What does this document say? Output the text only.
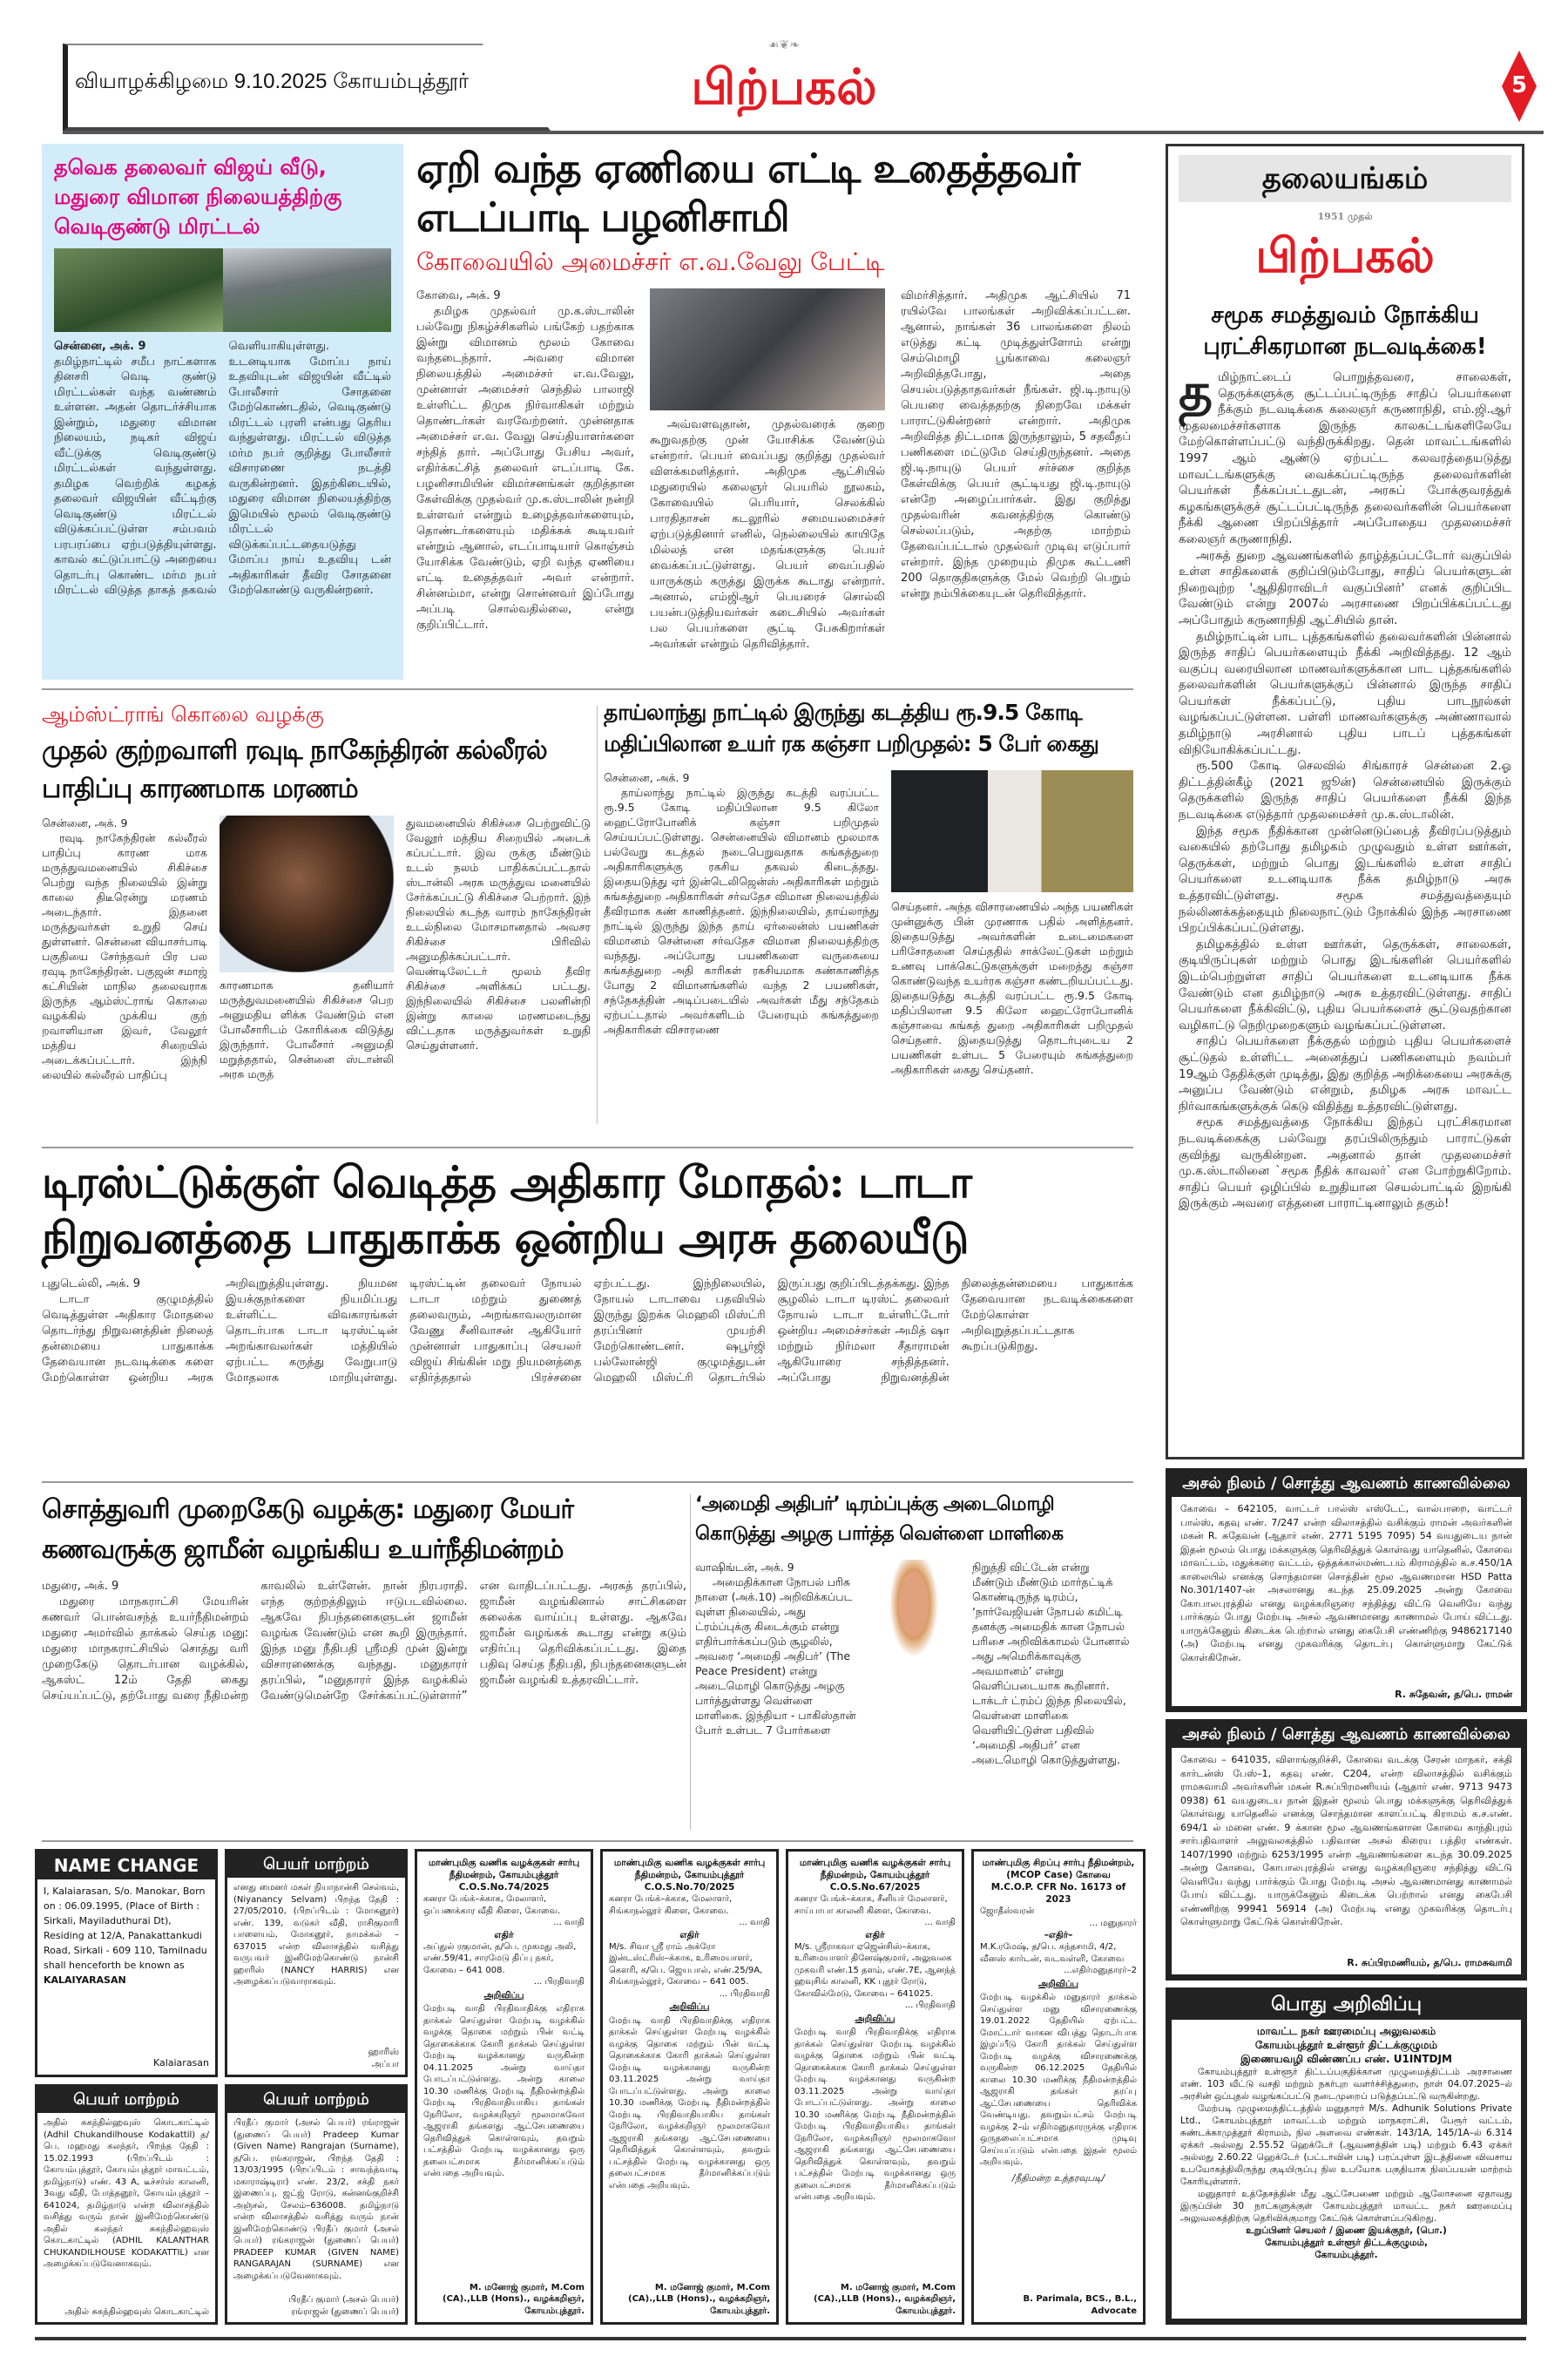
வியாழக்கிழமை 9.10.2025 கோயம்புத்தூர்
☙❦❧
பிற்பகல்	5
தவெக தலைவர் விஜய் வீடு, மதுரை விமான நிலையத்திற்கு வெடிகுண்டு மிரட்டல்
சென்னை, அக். 9
தமிழ்நாட்டில் சமீப நாட்களாக தினசரி வெடி குண்டு மிரட்டல்கள் வந்த வண்ணம் உள்ளன. அதன் தொடர்ச்சியாக இன்றும், மதுரை விமான நிலையம், நடிகர் விஜய் வீட்டுக்கு வெடிகுண்டு மிரட்டல்கள் வந்துள்ளது. தமிழக வெற்றிக் கழகத் தலைவர் விஜயின் வீட்டிற்கு வெடிகுண்டு மிரட்டல் விடுக்கப்பட்டுள்ள சம்பவம் பரபரப்பை ஏற்படுத்தியுள்ளது. காவல் கட்டுப்பாட்டு அறையை தொடர்பு கொண்ட மர்ம நபர் மிரட்டல் விடுத்த தாகத் தகவல் வெளியாகியுள்ளது. உடனடியாக மோப்ப நாய் உதவியுடன் விஜயின் வீட்டில் போலீசார் சோதனை மேற்கொண்டதில், வெடிகுண்டு மிரட்டல் புரளி என்பது தெரிய வந்துள்ளது. மிரட்டல் விடுத்த மர்ம நபர் குறித்து போலீசார் விசாரணை நடத்தி வருகின்றனர். இதற்கிடையில், மதுரை விமான நிலையத்திற்கு இமெயில் மூலம் வெடிகுண்டு மிரட்டல் விடுக்கப்பட்டதையடுத்து மோப்ப நாய் உதவியு டன் அதிகாரிகள் தீவிர சோதனை மேற்கொண்டு வருகின்றனர்.
ஏறி வந்த ஏணியை எட்டி உதைத்தவர் எடப்பாடி பழனிசாமி
கோவையில் அமைச்சர் எ.வ.வேலு பேட்டி
கோவை, அக். 9

தமிழக முதல்வர் மு.க.ஸ்டாலின் பல்வேறு நிகழ்ச்சிகளில் பங்கேற் பதற்காக இன்று விமானம் மூலம் கோவை வந்தடைந்தார். அவரை விமான நிலையத்தில் அமைச்சர் எ.வ.வேலு, முன்னாள் அமைச்சர் செந்தில் பாலாஜி உள்ளிட்ட திமுக நிர்வாகிகள் மற்றும் தொண்டர்கள் வரவேற்றனர். முன்னதாக அமைச்சர் எ.வ. வேலு செய்தியாளர்களை சந்தித் தார். அப்போது பேசிய அவர், எதிர்க்கட்சித் தலைவர் எடப்பாடி கே. பழனிசாமியின் விமர்சனங்கள் குறித்தான கேள்விக்கு முதல்வர் மு.க.ஸ்டாலின் நன்றி உள்ளவர் என்றும் உழைத்தவர்களையும், தொண்டர்களையும் மதிக்கக் கூடியவர் என்றும் ஆனால், எடப்பாடியார் கொஞ்சம் யோசிக்க வேண்டும், ஏறி வந்த ஏணியை எட்டி உதைத்தவர் அவர் என்றார். சின்னம்மா, என்று சொன்னவர் இப்போது அப்படி சொல்வதில்லை, என்று குறிப்பிட்டார்.

அவ்வளவுதான், முதல்வரைக் குறை கூறுவதற்கு முன் யோசிக்க வேண்டும் என்றார். பெயர் வைப்பது குறித்து முதல்வர் விளக்கமளித்தார். அதிமுக ஆட்சியில் மதுரையில் கலைஞர் பெயரில் நூலகம், கோவையில் பெரியார், செலக்கில் பாரதிதாசன் கடலூரில் சமையலமைச்சர் ஏற்படுத்தினார் எனில், நெல்லையில் காயிதே மில்லத் என மதங்களுக்கு பெயர் வைக்கப்பட்டுள்ளது. பெயர் வைப்பதில் யாருக்கும் கருத்து இருக்க கூடாது என்றார். அனால், எம்ஜிஆர் பெயரைச் சொல்லி பயன்படுத்தியவர்கள் கடைசியில் அவர்கள் பல பெயர்களை சூட்டி பேசுகிறார்கள் அவர்கள் என்றும் தெரிவித்தார்.

விமர்சித்தார். அதிமுக ஆட்சியில் 71 ரயில்வே பாலங்கள் அறிவிக்கப்பட்டன. ஆனால், நாங்கள் 36 பாலங்களை நிலம் எடுத்து கட்டி முடித்துள்ளோம் என்று செம்மொழி பூங்காவை கலைஞர் அறிவித்தபோது, அதை செயல்படுத்தாதவர்கள் நீங்கள். ஜி.டி.நாயுடு பெயரை வைத்ததற்கு நிறைவே மக்கள் பாராட்டுகின்றனர் என்றார். அதிமுக அறிவித்த திட்டமாக இருந்தாலும், 5 சதவீதப் பணிகளை மட்டுமே செய்திருந்தனர். அதை ஜி.டி.நாயுடு பெயர் சர்ச்சை குறித்த கேள்விக்கு பெயர் சூட்டியது ஜி.டி.நாயுடு என்றே அழைப்பார்கள். இது குறித்து முதல்வரின் கவனத்திற்கு கொண்டு செல்லப்படும், அதற்கு மாற்றம் தேவைப்பட்டால் முதல்வர் முடிவு எடுப்பார் என்றார். இந்த முறையும் திமுக கூட்டணி 200 தொகுதிகளுக்கு மேல் வெற்றி பெறும் என்று நம்பிக்கையுடன் தெரிவித்தார்.

தலையங்கம்
1951 முதல்
பிற்பகல்
சமூக சமத்துவம் நோக்கிய புரட்சிகரமான நடவடிக்கை!
த மிழ்நாட்டைப் பொறுத்தவரை, சாலைகள், தெருக்களுக்கு சூட்டப்பட்டிருந்த சாதிப் பெயர்களை நீக்கும் நடவடிக்கை கலைஞர் கருணாநிதி, எம்.ஜி.ஆர் முதலமைச்சர்களாக இருந்த காலகட்டங்களிலேயே மேற்கொள்ளப்பட்டு வந்திருக்கிறது. தென் மாவட்டங்களில் 1997 ஆம் ஆண்டு ஏற்பட்ட கலவரத்தையடுத்து மாவட்டங்களுக்கு வைக்கப்பட்டிருந்த தலைவர்களின் பெயர்கள் நீக்கப்பட்டதுடன், அரசுப் போக்குவரத்துக் கழகங்களுக்குச் சூட்டப்பட்டிருந்த தலைவர்களின் பெயர்களை நீக்கி ஆணை பிறப்பித்தார் அப்போதைய முதலமைச்சர் கலைஞர் கருணாநிதி.

அரசுத் துறை ஆவணங்களில் தாழ்த்தப்பட்டோர் வகுப்பில் உள்ள சாதிகளைக் குறிப்பிடும்போது, சாதிப் பெயர்களுடன் நிறைவுற்ற 'ஆதிதிராவிடர் வகுப்பினர்' எனக் குறிப்பிட வேண்டும் என்று 2007ல் அரசாணை பிறப்பிக்கப்பட்டது அப்போதும் கருணாநிதி ஆட்சியில் தான்.

தமிழ்நாட்டின் பாட புத்தகங்களில் தலைவர்களின் பின்னால் இருந்த சாதிப் பெயர்களையும் நீக்கி அறிவித்தது. 12 ஆம் வகுப்பு வரையிலான மாணவர்களுக்கான பாட புத்தகங்களில் தலைவர்களின் பெயர்களுக்குப் பின்னால் இருந்த சாதிப் பெயர்கள் நீக்கப்பட்டு, புதிய பாடநூல்கள் வழங்கப்பட்டுள்ளன. பள்ளி மாணவர்களுக்கு அண்ணாவால் தமிழ்நாடு அரசினால் புதிய பாடப் புத்தகங்கள் விநியோகிக்கப்பட்டது.

ரூ.500 கோடி செலவில் சிங்காரச் சென்னை 2.ஓ திட்டத்தின்கீழ் (2021 ஜூன்) சென்னையில் இருக்கும் தெருக்களில் இருந்த சாதிப் பெயர்களை நீக்கி இந்த நடவடிக்கை எடுத்தார் முதலமைச்சர் மு.க.ஸ்டாலின்.

இந்த சமூக நீதிக்கான முன்னெடுப்பைத் தீவிரப்படுத்தும் வகையில் தற்போது தமிழகம் முழுவதும் உள்ள ஊர்கள், தெருக்கள், மற்றும் பொது இடங்களில் உள்ள சாதிப் பெயர்களை உடனடியாக நீக்க தமிழ்நாடு அரசு உத்தரவிட்டுள்ளது. சமூக சமத்துவத்தையும் நல்லிணக்கத்தையும் நிலைநாட்டும் நோக்கில் இந்த அரசாணை பிறப்பிக்கப்பட்டுள்ளது.

தமிழகத்தில் உள்ள ஊர்கள், தெருக்கள், சாலைகள், குடியிருப்புகள் மற்றும் பொது இடங்களின் பெயர்களில் இடம்பெற்றுள்ள சாதிப் பெயர்களை உடனடியாக நீக்க வேண்டும் என தமிழ்நாடு அரசு உத்தரவிட்டுள்ளது. சாதிப் பெயர்களை நீக்கிவிட்டு, புதிய பெயர்களைச் சூட்டுவதற்கான வழிகாட்டு நெறிமுறைகளும் வழங்கப்பட்டுள்ளன.

சாதிப் பெயர்களை நீக்குதல் மற்றும் புதிய பெயர்களைச் சூட்டுதல் உள்ளிட்ட அனைத்துப் பணிகளையும் நவம்பர் 19ஆம் தேதிக்குள் முடித்து, இது குறித்த அறிக்கையை அரசுக்கு அனுப்ப வேண்டும் என்றும், தமிழக அரசு மாவட்ட நிர்வாகங்களுக்குக் கெடு விதித்து உத்தரவிட்டுள்ளது.

சமூக சமத்துவத்தை நோக்கிய இந்தப் புரட்சிகரமான நடவடிக்கைக்கு பல்வேறு தரப்பிலிருந்தும் பாராட்டுகள் குவிந்து வருகின்றன. அதனால் தான் முதலமைச்சர் மு.க.ஸ்டாலினை `சமூக நீதிக் காவலர்` என போற்றுகிறோம். சாதிப் பெயர் ஒழிப்பில் உறுதியான செயல்பாட்டில் இறங்கி இருக்கும் அவரை எத்தனை பாராட்டினாலும் தகும்!

ஆம்ஸ்ட்ராங் கொலை வழக்கு
முதல் குற்றவாளி ரவுடி நாகேந்திரன் கல்லீரல் பாதிப்பு காரணமாக மரணம்
சென்னை, அக். 9

ரவுடி நாகேந்திரன் கல்லீரல் பாதிப்பு காரண மாக மருத்துவமனையில் சிகிச்சை பெற்று வந்த நிலையில் இன்று காலை திடீரென்று மரணம் அடைந்தார். இதனை மருத்துவர்கள் உறுதி செய் துள்ளனர். சென்னை வியாசர்பாடி பகுதியை சேர்ந்தவர் பிர பல ரவுடி நாகேந்திரன். பகுஜன் சமாஜ் கட்சியின் மாநில தலைவராக இருந்த ஆம்ஸ்ட்ராங் கொலை வழக்கில் முக்கிய குற் றவாளியான இவர், வேலூர் மத்திய சிறையில் அடைக்கப்பட்டார். இந்நி லையில் கல்லீரல் பாதிப்பு

காரணமாக தனியார் மருத்துவமனையில் சிகிச்சை பெற அனுமதிய ளிக்க வேண்டும் என போலீசாரிடம் கோரிக்கை விடுத்து இருந்தார். போலீசார் அனுமதி மறுத்ததால், சென்னை ஸ்டான்லி அரசு மருத்

துவமனையில் சிகிச்சை பெற்றுவிட்டு வேலூர் மத்திய சிறையில் அடைக் கப்பட்டார். இவ ருக்கு மீண்டும் உடல் நலம் பாதிக்கப்பட்டதால் ஸ்டான்லி அரசு மருத்துவ மனையில் சேர்க்கப்பட்டு சிகிச்சை பெற்றார். இந் நிலையில் கடந்த வாரம் நாகேந்திரன் உடல்நிலை மோசமானதால் அவசர சிகிச்சை பிரிவில் அனுமதிக்கப்பட்டார். வெண்டிலேட்டர் மூலம் தீவிர சிகிச்சை அளிக்கப் பட்டது. இந்நிலையில் சிகிச்சை பலனின்றி இன்று காலை மரணமடைந்து விட்டதாக மருத்துவர்கள் உறுதி செய்துள்ளனர்.

தாய்லாந்து நாட்டில் இருந்து கடத்திய ரூ.9.5 கோடி மதிப்பிலான உயர் ரக கஞ்சா பறிமுதல்: 5 பேர் கைது
சென்னை, அக். 9

தாய்லாந்து நாட்டில் இருந்து கடத்தி வரப்பட்ட ரூ.9.5 கோடி மதிப்பிலான 9.5 கிலோ ஹைட்ரோபோனிக் கஞ்சா பறிமுதல் செய்யப்பட்டுள்ளது. சென்னையில் விமானம் மூலமாக பல்வேறு கடத்தல் நடைபெறுவதாக சுங்கத்துறை அதிகாரிகளுக்கு ரகசிய தகவல் கிடைத்தது. இதையடுத்து ஏர் இன்டெலிஜென்ஸ் அதிகாரிகள் மற்றும் சுங்கத்துறை அதிகாரிகள் சர்வதேச விமான நிலையத்தில் தீவிரமாக கண் காணித்தனர். இந்நிலையில், தாய்லாந்து நாட்டில் இருந்து இந்த தாய் ஏர்லைன்ஸ் பயணிகள் விமானம் சென்னை சர்வதேச விமான நிலையத்திற்கு வந்தது. அப்போது பயணிகளை வருகையை சுங்கத்துறை அதி காரிகள் ரகசியமாக கண்காணித்த போது 2 விமானங்களில் வந்த 2 பயணிகள், சந்தேகத்தின் அடிப்படையில் அவர்கள் மீது சந்தேகம் ஏற்பட்டதால் அவர்களிடம் பேரையும் சுங்கத்துறை அதிகாரிகள் விசாரணை

செய்தனர். அந்த விசாரணையில் அந்த பயணிகள் முன்னுக்கு பின் முரணாக பதில் அளித்தனர். இதையடுத்து அவர்களின் உடைமைகளை பரிசோதனை செய்ததில் சாக்லேட்டுகள் மற்றும் உணவு பாக்கெட்டுகளுக்குள் மறைத்து கஞ்சா கொண்டுவந்த உயர்ரக கஞ்சா கண்டறியப்பட்டது. இதையடுத்து கடத்தி வரப்பட்ட ரூ.9.5 கோடி மதிப்பிலான 9.5 கிலோ ஹைட்ரோபோனிக் கஞ்சாவை சுங்கத் துறை அதிகாரிகள் பறிமுதல் செய்தனர். இதையடுத்து தொடர்புடைய 2 பயணிகள் உள்பட 5 பேரையும் சுங்கத்துறை அதிகாரிகள் கைது செய்தனர்.

டிரஸ்ட்டுக்குள் வெடித்த அதிகார மோதல்: டாடா நிறுவனத்தை பாதுகாக்க ஒன்றிய அரசு தலையீடு
புதுடெல்லி, அக். 9

டாடா குழுமத்தில் வெடித்துள்ள அதிகார மோதலை தொடர்ந்து நிறுவனத்தின் நிலைத் தன்மையை பாதுகாக்க தேவையான நடவடிக்கை களை மேற்கொள்ள ஒன்றிய அரசு அறிவுறுத்தியுள்ளது. நியமன இயக்குநர்களை நியமிப்பது உள்ளிட்ட விவகாரங்கள் தொடர்பாக டாடா டிரஸ்ட்டின் அறங்காவலர்கள் மத்தியில் ஏற்பட்ட கருத்து வேறுபாடு மோதலாக மாறியுள்ளது. டிரஸ்ட்டின் தலைவர் நோயல் டாடா மற்றும் துணைத் தலைவரும், அறங்காவலருமான வேணு சீனிவாசன் ஆகியோர் முன்னாள் பாதுகாப்பு செயலர் விஜய் சிங்கின் மறு நியமனத்தை எதிர்த்ததால் பிரச்சனை ஏற்பட்டது. இந்நிலையில், நோயல் டாடாவை பதவியில் இருந்து இறக்க மெஹலி மிஸ்ட்ரி தரப்பினர் முயற்சி மேற்கொண்டனர். ஷபூர்ஜி பல்லோன்ஜி குழுமத்துடன் மெஹலி மிஸ்ட்ரி தொடர்பில் இருப்பது குறிப்பிடத்தக்கது. இந்த சூழலில் டாடா டிரஸ்ட் தலைவர் நோயல் டாடா உள்ளிட்டோர் ஒன்றிய அமைச்சர்கள் அமித் ஷா மற்றும் நிர்மலா சீதாராமன் ஆகியோரை சந்தித்தனர். அப்போது நிறுவனத்தின் நிலைத்தன்மையை பாதுகாக்க தேவையான நடவடிக்கைகளை மேற்கொள்ள அறிவுறுத்தப்பட்டதாக கூறப்படுகிறது.

சொத்துவரி முறைகேடு வழக்கு: மதுரை மேயர் கணவருக்கு ஜாமீன் வழங்கிய உயர்நீதிமன்றம்
மதுரை, அக். 9

மதுரை மாநகராட்சி மேயரின் கணவர் பொன்வசந்த் உயர்நீதிமன்றம் மதுரை அமர்வில் தாக்கல் செய்த மனு: மதுரை மாநகராட்சியில் சொத்து வரி முறைகேடு தொடர்பான வழக்கில், ஆகஸ்ட் 12ம் தேதி கைது செய்யப்பட்டு, தற்போது வரை நீதிமன்ற காவலில் உள்ளேன். நான் நிரபராதி. எந்த குற்றத்திலும் ஈடுபடவில்லை. ஆகவே நிபந்தனைகளுடன் ஜாமீன் வழங்க வேண்டும் என கூறி இருந்தார். இந்த மனு நீதிபதி ஸ்ரீமதி முன் இன்று விசாரணைக்கு வந்தது. மனுதாரர் தரப்பில், “மனுதாரர் இந்த வழக்கில் வேண்டுமென்றே சேர்க்கப்பட்டுள்ளார்” என வாதிடப்பட்டது. அரசுத் தரப்பில், ஜாமீன் வழங்கினால் சாட்சிகளை கலைக்க வாய்ப்பு உள்ளது. ஆகவே ஜாமீன் வழங்கக் கூடாது என்று கடும் எதிர்ப்பு தெரிவிக்கப்பட்டது. இதை பதிவு செய்த நீதிபதி, நிபந்தனைகளுடன் ஜாமீன் வழங்கி உத்தரவிட்டார்.

‘அமைதி அதிபர்’ டிரம்ப்புக்கு அடைமொழி கொடுத்து அழகு பார்த்த வெள்ளை மாளிகை
வாஷிங்டன், அக். 9

அமைதிக்கான நோபல் பரிசு நாளை (அக்.10) அறிவிக்கப்பட வுள்ள நிலையில், அது ட்ரம்ப்புக்கு கிடைக்கும் என்று எதிர்பார்க்கப்படும் சூழலில், அவரை ‘அமைதி அதிபர்’ (The Peace President) என்று அடைமொழி கொடுத்து அழகு பார்த்துள்ளது வெள்ளை மாளிகை. இந்தியா - பாகிஸ்தான் போர் உள்பட 7 போர்களை

நிறுத்தி விட்டேன் என்று மீண்டும் மீண்டும் மார்தட்டிக் கொண்டிருந்த டிரம்ப், ‘நார்வேஜியன் நோபல் கமிட்டி தனக்கு அமைதிக் கான நோபல் பரிசை அறிவிக்காமல் போனால் அது அமெரிக்காவுக்கு அவமானம்’ என்று வெளிப்படையாக கூறினார். டாக்டர் ட்ரம்ப் இந்த நிலையில், வெள்ளை மாளிகை வெளியிட்டுள்ள பதிவில் ‘அமைதி அதிபர்’ என அடைமொழி கொடுத்துள்ளது.

NAME CHANGE
I, Kalaiarasan, S/o. Manokar, Born on : 06.09.1995, (Place of Birth : Sirkali, Mayiladuthurai Dt), Residing at 12/A, Panakattankudi Road, Sirkali - 609 110, Tamilnadu shall henceforth be known as
KALAIYARASAN
Kalaiarasan
பெயர் மாற்றம்
அதில் சுகந்தில்ஹவுஸ் கொடகாட்டில் (Adhil Chukandilhouse Kodakattil) த/பெ. மஹமது கலந்தர், பிறந்த தேதி : 15.02.1993 (பிறப்பிடம் : கோயம்புத்தூர், கோயம்புத்தூர் மாவட்டம், தமிழ்நாடு) எண். 43 A, டீச்சர்ஸ் காலனி, 3வது வீதி, போத்தனூர், கோயம்புத்தூர் –641024, தமிழ்நாடு என்ற விலாசத்தில் வசித்து வரும் நான் இனிமேற்கொண்டு அதில் கலந்தர் சுகந்தில்ஹவுஸ் கொடகாட்டில் (ADHIL KALANTHAR CHUKANDILHOUSE KODAKATTIL) என அழைக்கப்படுவேனாகவும்.
அதில் சுகந்தில்ஹவுஸ் கொடகாட்டில்
பெயர் மாற்றம்
எனது மைனர் மகள் நியாநான்சி செல்வம், (Niyanancy Selvam) பிறந்த தேதி : 27/05/2010, (பிறப்பிடம் : மோகனூர்) எண். 139, வடுகர் வீதி, ராசிகுமாரி பாளையம், மோகனூர், நாமக்கல் – 637015 என்ற விலாசத்தில் வசித்து வருபவர் இனிமேற்கொண்டு நான்சி ஹாரிஸ் (NANCY HARRIS) என அழைக்கப்படுவாராகவும்.
ஹாரிஸ்
அப்பா
பெயர் மாற்றம்
பிரதீப் குமார் (அசல் பெயர்) ரங்ராஜன் (துணைப் பெயர்) Pradeep Kumar (Given Name) Rangrajan (Surname), த/பெ. ரங்கராஜன், பிறந்த தேதி : 13/03/1995 (பிறப்பிடம் : சாவந்த்வாடி மகாராஷ்டிரா) எண். 23/2, சக்தி நகர் இணைப்பு, ஜட்ஜ் ரோடு, கன்னங்குறிச்சி அஞ்சல், சேலம்–636008. தமிழ்நாடு என்ற விலாசத்தில் வசித்து வரும் நான் இனிமேற்கொண்டு பிரதீப் குமார் (அசல் பெயர்) ரங்கராஜன் (துணைப் பெயர்) PRADEEP KUMAR (GIVEN NAME) RANGARAJAN (SURNAME) என அழைக்கப்படுவேனாகவும்.
பிரதீப் குமார் (அசல் பெயர்)
ரங்ராஜன் (துணைப் பெயர்)
மாண்புமிகு வணிக வழக்குகள் சார்பு நீதிமன்றம், கோயம்புத்தூர்
C.O.S.No.74/2025
கனரா பேங்க்–க்காக, மேலாளர், ஒப்பணக்கார வீதி கிளை, கோவை.
... வாதி
எதிர்
அப்துல் ரகுமான், த/பெ. முகமது அலி, எண்.59/41, சாரமேடு திப்பு நகர், கோவை – 641 008.
... பிரதிவாதி
அறிவிப்பு
மேற்படி வாதி பிரதிவாதிக்கு எதிராக தாக்கல் செய்துள்ள மேற்படி வழக்கில் வழக்கு தொகை மற்றும் பின் வட்டி தொகைக்காக கோரி தாக்கல் செய்துள்ள மேற்படி வழக்கானது வருகின்ற 04.11.2025 அன்று வாய்தா போடப்பட்டுள்ளது. அன்று காலை 10.30 மணிக்கு மேற்படி நீதிமன்றத்தில் மேற்படி பிரதிவாதியாகிய தாங்கள் நேரிலோ, வழக்கறிஞர் மூலமாகவோ ஆஜராகி தங்களது ஆட்சேபணையை தெரிவித்துக் கொள்ளவும், தவறும் பட்சத்தில் மேற்படி வழக்கானது ஒரு தலைபட்சமாக தீர்மானிக்கப்படும் என்பதை அறியவும்.
M. மனோஜ் குமார், M.Com (CA).,LLB (Hons)., வழக்கறிஞர், கோயம்புத்தூர்.
மாண்புமிகு வணிக வழக்குகள் சார்பு நீதிமன்றம், கோயம்புத்தூர்
C.O.S.No.70/2025
கனரா பேங்க்–க்காக, மேலாளர், சிங்காநல்லூர் கிளை, கோவை.
... வாதி
எதிர்
M/s. சிவா ஸ்ரீ ராம் அக்ரோ இன்டஸ்ட்ரிஸ்–க்காக, உரிமையாளர், கௌரி, க/பெ. ஜெயபால், எண்.25/9A, சிங்காநல்லூர், கோவை – 641 005.
... பிரதிவாதி
அறிவிப்பு
மேற்படி வாதி பிரதிவாதிக்கு எதிராக தாக்கல் செய்துள்ள மேற்படி வழக்கில் வழக்கு தொகை மற்றும் பின் வட்டி தொகைக்காக கோரி தாக்கல் செய்துள்ள மேற்படி வழக்கானது வருகின்ற 03.11.2025 அன்று வாய்தா போடப்பட்டுள்ளது. அன்று காலை 10.30 மணிக்கு மேற்படி நீதிமன்றத்தில் மேற்படி பிரதிவாதியாகிய தாங்கள் நேரிலோ, வழக்கறிஞர் மூலமாகவோ ஆஜராகி தங்களது ஆட்சேபணையை தெரிவித்துக் கொள்ளவும், தவறும் பட்சத்தில் மேற்படி வழக்கானது ஒரு தலைபட்சமாக தீர்மானிக்கப்படும் என்பதை அறியவும்.
M. மனோஜ் குமார், M.Com (CA).,LLB (Hons)., வழக்கறிஞர், கோயம்புத்தூர்.
மாண்புமிகு வணிக வழக்குகள் சார்பு நீதிமன்றம், கோயம்புத்தூர்
C.O.S.No.67/2025
கனரா பேங்க்–க்காக, சீனியர் மேலாளர், சாய்பாபா காலனி கிளை, கோவை.
... வாதி
எதிர்
M/s. ஸ்ரீராகவா ஏஜென்சிஸ்–க்காக, உரிமையாளர் தினேஷ்குமார், அலுவலக முகவரி எண்.15 தளம், எண்.7E, ஆனந்த் ஹவுசிங் காலனி, KK புதூர் ரோடு, கோவில்மேடு, கோவை – 641025.
... பிரதிவாதி
அறிவிப்பு
மேற்படி வாதி பிரதிவாதிக்கு எதிராக தாக்கல் செய்துள்ள மேற்படி வழக்கில் வழக்கு தொகை மற்றும் பின் வட்டி தொகைக்காக கோரி தாக்கல் செய்துள்ள மேற்படி வழக்கானது வருகின்ற 03.11.2025 அன்று வாய்தா போடப்பட்டுள்ளது. அன்று காலை 10.30 மணிக்கு மேற்படி நீதிமன்றத்தில் மேற்படி பிரதிவாதியாகிய தாங்கள் நேரிலோ, வழக்கறிஞர் மூலமாகவோ ஆஜராகி தங்களது ஆட்சேபணையை தெரிவித்துக் கொள்ளவும், தவறும் பட்சத்தில் மேற்படி வழக்கானது ஒரு தலைபட்சமாக தீர்மானிக்கப்படும் என்பதை அறியவும்.
M. மனோஜ் குமார், M.Com (CA).,LLB (Hons)., வழக்கறிஞர், கோயம்புத்தூர்.
மாண்புமிகு சிறப்பு சார்பு நீதிமன்றம், (MCOP Case) கோவை
M.C.O.P. CFR No. 16173 of 2023
ஜோதீஸ்வரன்
... மனுதாரர்
–எதிர்–
M.K.ரமேஷ், த/பெ. கந்தசாமி, 4/2, வீனஸ் கார்டன், வடவள்ளி, கோவை
...எதிர்மனுதாரர்–2
அறிவிப்பு
மேற்படி வழக்கில் மனுதாரர் தாக்கல் செய்துள்ள மனு விசாரணைக்கு 19.01.2022 தேதியில் ஏற்பட்ட மோட்டார் வாகன விபத்து தொடர்பாக இழப்பீடு கோரி தாக்கல் செய்துள்ள மேற்படி வழக்கு விசாரணைக்கு வருகின்ற 06.12.2025 தேதியில் காலை 10.30 மணிக்கு நீதிமன்றத்தில் ஆஜராகி தங்கள் தரப்பு ஆட்சேபணையை தெரிவிக்க வேண்டியது. தவறும்பட்சம் மேற்படி வழக்கு 2–ம் எதிர்மனுதாரருக்கு எதிராக ஒருதலைப்பட்சமாக முடிவு செய்யப்படும் என்பதை இதன் மூலம் அறியவும்.
/நீதிமன்ற உத்தரவுபடி/
B. Parimala, BCS., B.L., Advocate
அசல் நிலம் / சொத்து ஆவணம் காணவில்லை
கோவை – 642105, வாட்டர் பால்ஸ் எஸ்டேட், வால்பாறை, வாட்டர் பால்ஸ், கதவு எண். 7/247 என்ற விலாசத்தில் வசிக்கும் ராமன் அவர்களின் மகன் R. சுதேவன் (ஆதார் எண். 2771 5195 7095) 54 வயதுடைய நான் இதன் மூலம் பொது மக்களுக்கு தெரிவித்துக் கொள்வது யாதெனில், கோவை மாவட்டம், மதுக்கரை வட்டம், ஒத்தக்கால்மண்டபம் கிராமத்தில் க.ச.450/1A காலையில் எனக்கு சொந்தமான சொத்தின் மூல ஆவணமான HSD Patta No.301/1407-ன் அசலானது கடந்த 25.09.2025 அன்று கோவை கோபாலபுரத்தில் எனது வழக்கறிஞரை சந்தித்து விட்டு வெளியே வந்து பார்க்கும் போது மேற்படி அசல் ஆவணமானது காணாமல் போய் விட்டது. யாருக்கேனும் கிடைக்க பெற்றால் எனது கைபேசி எண்ணிற்கு 9486217140 (அ) மேற்படி எனது முகவரிக்கு தொடர்பு கொள்ளுமாறு கேட்டுக் கொள்கிறேன்.
R. சுதேவன், த/பெ. ராமன்
அசல் நிலம் / சொத்து ஆவணம் காணவில்லை
கோவை – 641035, விளாங்குறிச்சி, கோவை வடக்கு சேரன் மாநகர், சக்தி கார்டன்ஸ் பேஸ்–1, கதவு எண். C204, என்ற விலாசத்தில் வசிக்கும் ராமசுவாமி அவர்களின் மகன் R.சுப்பிரமணியம் (ஆதார் எண். 9713 9473 0938) 61 வயதுடைய நான் இதன் மூலம் பொது மக்களுக்கு தெரிவித்துக் கொள்வது யாதெனில் எனக்கு சொந்தமான காளப்பட்டி கிராமம் க.ச.எண். 694/1 ல் மனை எண். 9 க்கான மூல ஆவணங்களான கோவை காந்திபுரம் சார்பதிவாளர் அலுவலகத்தில் பதிவான அசல் கிரைய பத்திர எண்கள். 1407/1990 மற்றும் 6253/1995 என்ற ஆவணங்களை கடந்த 30.09.2025 அன்று கோவை, கோபாலபுரத்தில் எனது வழக்கறிஞரை சந்தித்து விட்டு வெளியே வந்து பார்க்கும் போது மேற்படி அசல் ஆவணமானது காணாமல் போய் விட்டது. யாருக்கேனும் கிடைக்க பெற்றால் எனது கைபேசி எண்ணிற்கு 99941 56914 (அ) மேற்படி எனது முகவரிக்கு தொடர்பு கொள்ளுமாறு கேட்டுக் கொள்கிறேன்.
R. சுப்பிரமணியம், த/பெ. ராமசுவாமி
பொது அறிவிப்பு
மாவட்ட நகர் ஊரமைப்பு அலுவலகம்
கோயம்புத்தூர் உள்ளூர் திட்டக்குழுமம்
இணையவழி விண்ணப்ப எண். U1INTDJM

கோயம்புத்தூர் உள்ளூர் திட்டப்பகுதிக்கான முழுமைத்திட்டம் அரசாணை எண். 103 வீட்டு வசதி மற்றும் நகர்புற வளர்ச்சித்துறை, நாள் 04.07.2025–ல் அரசின் ஒப்புதல் வழங்கப்பட்டு நடைமுறைப் படுத்தப்பட்டு வருகின்றது.

மேற்படி முழுமைத்திட்டத்தில் மனுதாரர் M/s. Adhunik Solutions Private Ltd., கோயம்புத்தூர் மாவட்டம் மற்றும் மாநகராட்சி, பேரூர் வட்டம், சுண்டக்காமுத்தூர் கிராமம், நில அளவை எண்கள். 143/1A, 145/1A–ல் 6.314 ஏக்கர் அல்லது 2.55.52 ஹெக்டேர் (ஆவணத்தின் படி) மற்றும் 6.43 ஏக்கர் அல்லது 2.60.22 ஹெக்டேர் (பட்டாவின் படி) பரப்புள்ள இடத்தினை விவசாய உபயோகத்திலிருந்து குடியிருப்பு நில உபயோக பகுதியாக நிலப்பயன் மாற்றம் கோரியுள்ளார்.

மனுதாரர் உத்தேசத்தின் மீது ஆட்சேபணை மற்றும் ஆலோசனை ஏதாவது இருப்பின் 30 நாட்களுக்குள் கோயம்புத்தூர் மாவட்ட நகர் ஊரமைப்பு அலுவலகத்திற்கு தெரிவிக்குமாறு கேட்டுக் கொள்ளப்படுகிறது.

உறுப்பினர் செயலர் / இணை இயக்குநர், (பொ.)
கோயம்புத்தூர் உள்ளூர் திட்டக்குழுமம்,
கோயம்புத்தூர்.
